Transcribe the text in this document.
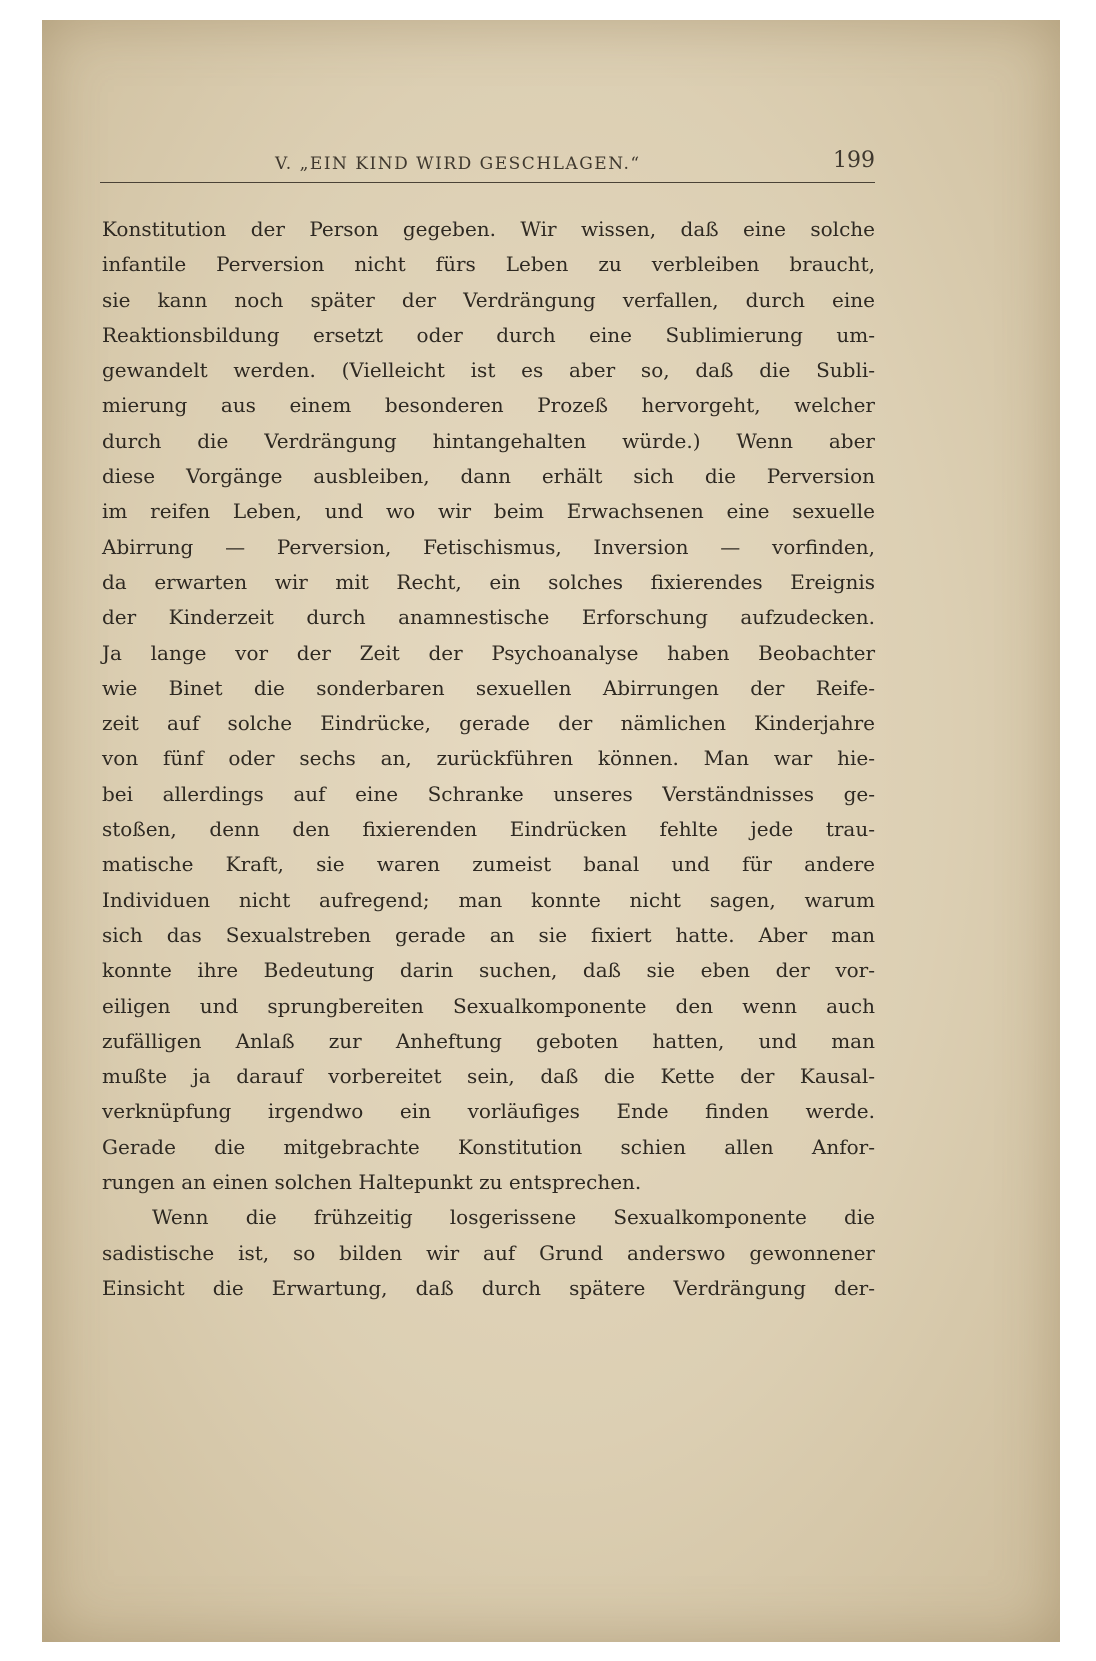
V. „EIN KIND WIRD GESCHLAGEN.“	199
Konstitution der Person gegeben. Wir wissen, daß eine solche
infantile Perversion nicht fürs Leben zu verbleiben braucht,
sie kann noch später der Verdrängung verfallen, durch eine
Reaktionsbildung ersetzt oder durch eine Sublimierung um-
gewandelt werden. (Vielleicht ist es aber so, daß die Subli-
mierung aus einem besonderen Prozeß hervorgeht, welcher
durch die Verdrängung hintangehalten würde.) Wenn aber
diese Vorgänge ausbleiben, dann erhält sich die Perversion
im reifen Leben, und wo wir beim Erwachsenen eine sexuelle
Abirrung — Perversion, Fetischismus, Inversion — vorfinden,
da erwarten wir mit Recht, ein solches fixierendes Ereignis
der Kinderzeit durch anamnestische Erforschung aufzudecken.
Ja lange vor der Zeit der Psychoanalyse haben Beobachter
wie Binet die sonderbaren sexuellen Abirrungen der Reife-
zeit auf solche Eindrücke, gerade der nämlichen Kinderjahre
von fünf oder sechs an, zurückführen können. Man war hie-
bei allerdings auf eine Schranke unseres Verständnisses ge-
stoßen, denn den fixierenden Eindrücken fehlte jede trau-
matische Kraft, sie waren zumeist banal und für andere
Individuen nicht aufregend; man konnte nicht sagen, warum
sich das Sexualstreben gerade an sie fixiert hatte. Aber man
konnte ihre Bedeutung darin suchen, daß sie eben der vor-
eiligen und sprungbereiten Sexualkomponente den wenn auch
zufälligen Anlaß zur Anheftung geboten hatten, und man
mußte ja darauf vorbereitet sein, daß die Kette der Kausal-
verknüpfung irgendwo ein vorläufiges Ende finden werde.
Gerade die mitgebrachte Konstitution schien allen Anfor-
rungen an einen solchen Haltepunkt zu entsprechen.
Wenn die frühzeitig losgerissene Sexualkomponente die
sadistische ist, so bilden wir auf Grund anderswo gewonnener
Einsicht die Erwartung, daß durch spätere Verdrängung der-
